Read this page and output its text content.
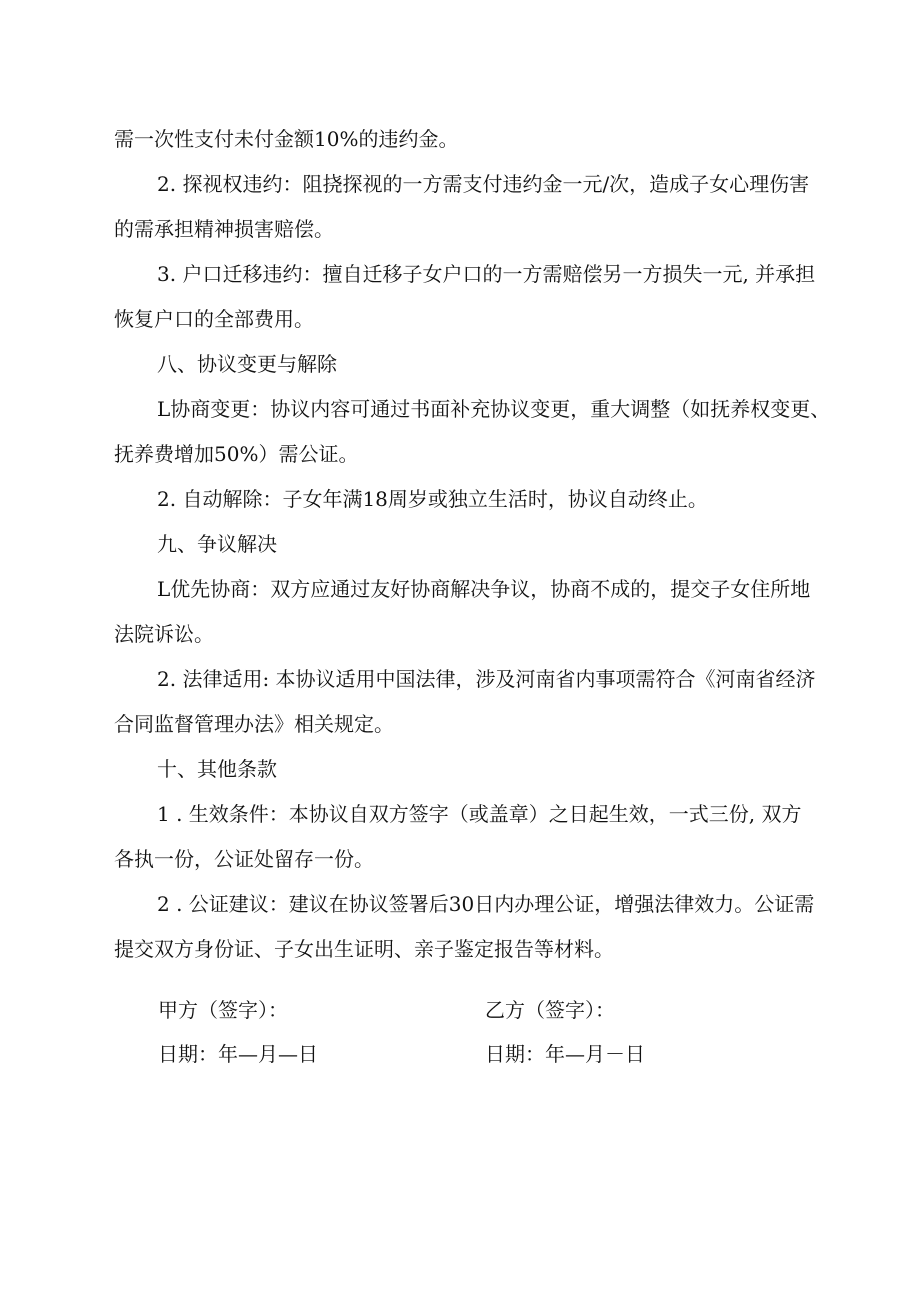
需一次性支付未付金额10%的违约金。
2. 探视权违约：阻挠探视的一方需支付违约金一元/次，造成子女心理伤害
的需承担精神损害赔偿。
3. 户口迁移违约：擅自迁移子女户口的一方需赔偿另一方损失一元, 并承担
恢复户口的全部费用。
八、协议变更与解除
L协商变更：协议内容可通过书面补充协议变更，重大调整（如抚养权变更、
抚养费增加50%）需公证。
2. 自动解除：子女年满18周岁或独立生活时，协议自动终止。
九、争议解决
L优先协商：双方应通过友好协商解决争议，协商不成的，提交子女住所地
法院诉讼。
2. 法律适用: 本协议适用中国法律，涉及河南省内事项需符合《河南省经济
合同监督管理办法》相关规定。
十、其他条款
1 . 生效条件：本协议自双方签字（或盖章）之日起生效，一式三份, 双方
各执一份，公证处留存一份。
2 . 公证建议：建议在协议签署后30日内办理公证，增强法律效力。公证需
提交双方身份证、子女出生证明、亲子鉴定报告等材料。
甲方（签字）：	乙方（签字）：
日期：年—月—日	日期：年—月－日
